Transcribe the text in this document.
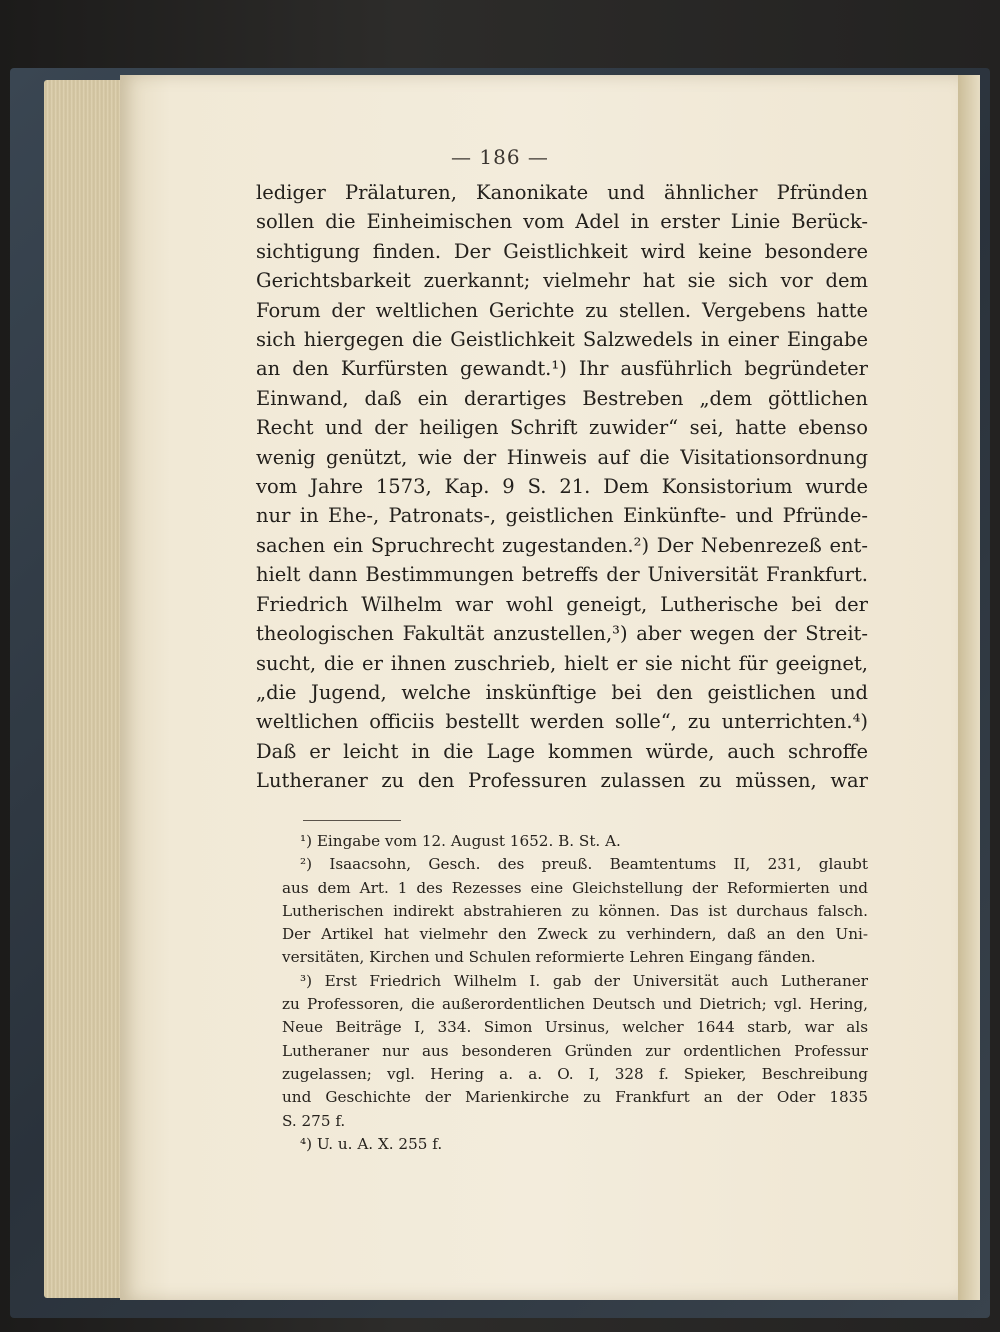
— 186 —
lediger Prälaturen, Kanonikate und ähnlicher Pfründen
sollen die Einheimischen vom Adel in erster Linie Berück-
sichtigung finden. Der Geistlichkeit wird keine besondere
Gerichtsbarkeit zuerkannt; vielmehr hat sie sich vor dem
Forum der weltlichen Gerichte zu stellen. Vergebens hatte
sich hiergegen die Geistlichkeit Salzwedels in einer Eingabe
an den Kurfürsten gewandt.¹) Ihr ausführlich begründeter
Einwand, daß ein derartiges Bestreben „dem göttlichen
Recht und der heiligen Schrift zuwider“ sei, hatte ebenso
wenig genützt, wie der Hinweis auf die Visitationsordnung
vom Jahre 1573, Kap. 9 S. 21. Dem Konsistorium wurde
nur in Ehe-, Patronats-, geistlichen Einkünfte- und Pfründe-
sachen ein Spruchrecht zugestanden.²) Der Nebenrezeß ent-
hielt dann Bestimmungen betreffs der Universität Frankfurt.
Friedrich Wilhelm war wohl geneigt, Lutherische bei der
theologischen Fakultät anzustellen,³) aber wegen der Streit-
sucht, die er ihnen zuschrieb, hielt er sie nicht für geeignet,
„die Jugend, welche inskünftige bei den geistlichen und
weltlichen officiis bestellt werden solle“, zu unterrichten.⁴)
Daß er leicht in die Lage kommen würde, auch schroffe
Lutheraner zu den Professuren zulassen zu müssen, war
¹) Eingabe vom 12. August 1652. B. St. A.
²) Isaacsohn, Gesch. des preuß. Beamtentums II, 231, glaubt
aus dem Art. 1 des Rezesses eine Gleichstellung der Reformierten und
Lutherischen indirekt abstrahieren zu können. Das ist durchaus falsch.
Der Artikel hat vielmehr den Zweck zu verhindern, daß an den Uni-
versitäten, Kirchen und Schulen reformierte Lehren Eingang fänden.
³) Erst Friedrich Wilhelm I. gab der Universität auch Lutheraner
zu Professoren, die außerordentlichen Deutsch und Dietrich; vgl. Hering,
Neue Beiträge I, 334. Simon Ursinus, welcher 1644 starb, war als
Lutheraner nur aus besonderen Gründen zur ordentlichen Professur
zugelassen; vgl. Hering a. a. O. I, 328 f. Spieker, Beschreibung
und Geschichte der Marienkirche zu Frankfurt an der Oder 1835
S. 275 f.
⁴) U. u. A. X. 255 f.
